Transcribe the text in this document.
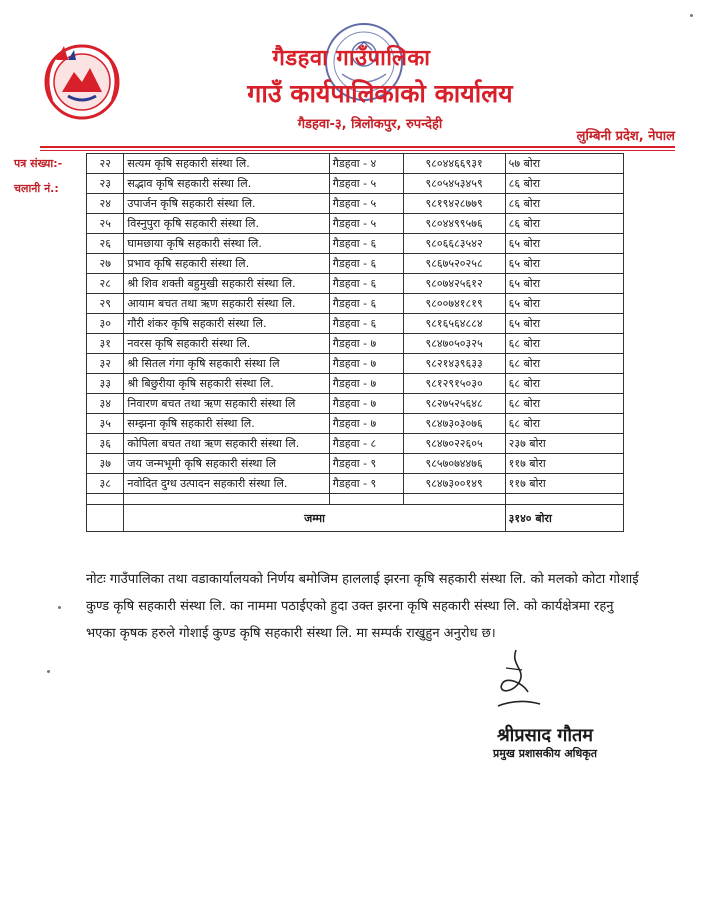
गैडहवा गाउँपालिका
गाउँ कार्यपालिकाको कार्यालय
गैडहवा-३, त्रिलोकपुर, रुपन्देही
लुम्बिनी प्रदेश, नेपाल
पत्र संख्या:-
चलानी नं.:
२२	सत्यम कृषि सहकारी संस्था लि.	गैडहवा - ४	९८०४४६६९३१	५७ बोरा
२३	सद्भाव कृषि सहकारी संस्था लि.	गैडहवा - ५	९८०५४५३४५९	८६ बोरा
२४	उपार्जन कृषि सहकारी संस्था लि.	गैडहवा - ५	९८१९४२८७७९	८६ बोरा
२५	विस्नुपुरा कृषि सहकारी संस्था लि.	गैडहवा - ५	९८०४४९९५७६	८६ बोरा
२६	घामछाया कृषि सहकारी संस्था लि.	गैडहवा - ६	९८०६६८३५४२	६५ बोरा
२७	प्रभाव कृषि सहकारी संस्था लि.	गैडहवा - ६	९८६७५२०२५८	६५ बोरा
२८	श्री शिव शक्ती बहुमुखी सहकारी संस्था लि.	गैडहवा - ६	९८०७४२५६१२	६५ बोरा
२९	आयाम बचत तथा ऋण सहकारी संस्था लि.	गैडहवा - ६	९८००७४१८१९	६५ बोरा
३०	गौरी शंकर कृषि सहकारी संस्था लि.	गैडहवा - ६	९८१६५६४८८४	६५ बोरा
३१	नवरस कृषि सहकारी संस्था लि.	गैडहवा - ७	९८४७०५०३२५	६८ बोरा
३२	श्री सितल गंगा कृषि सहकारी संस्था लि	गैडहवा - ७	९८२१४३९६३३	६८ बोरा
३३	श्री बिछुरीया कृषि सहकारी संस्था लि.	गैडहवा - ७	९८१२९१५०३०	६८ बोरा
३४	निवारण बचत तथा ऋण सहकारी संस्था लि	गैडहवा - ७	९८२७५२५६४८	६८ बोरा
३५	सम्झना कृषि सहकारी संस्था लि.	गैडहवा - ७	९८४७३०३०७६	६८ बोरा
३६	कोपिला बचत तथा ऋण सहकारी संस्था लि.	गैडहवा - ८	९८४७०२२६०५	२३७ बोरा
३७	जय जन्मभूमी कृषि सहकारी संस्था लि	गैडहवा - ९	९८५७०७४४७६	११७ बोरा
३८	नवोदित दुग्ध उत्पादन सहकारी संस्था लि.	गैडहवा - ९	९८४७३००१४९	११७ बोरा

	जम्मा			३१४० बोरा
नोटः गाउँपालिका तथा वडाकार्यालयको निर्णय बमोजिम हाललाई झरना कृषि सहकारी संस्था लि. को मलको कोटा गोशाई कुण्ड कृषि सहकारी संस्था लि. का नाममा पठाईएको हुदा उक्त झरना कृषि सहकारी संस्था लि. को कार्यक्षेत्रमा रहनु भएका कृषक हरुले गोशाई कुण्ड कृषि सहकारी संस्था लि. मा सम्पर्क राखुहुन अनुरोध छ।
श्रीप्रसाद गौतम
प्रमुख प्रशासकीय अधिकृत
